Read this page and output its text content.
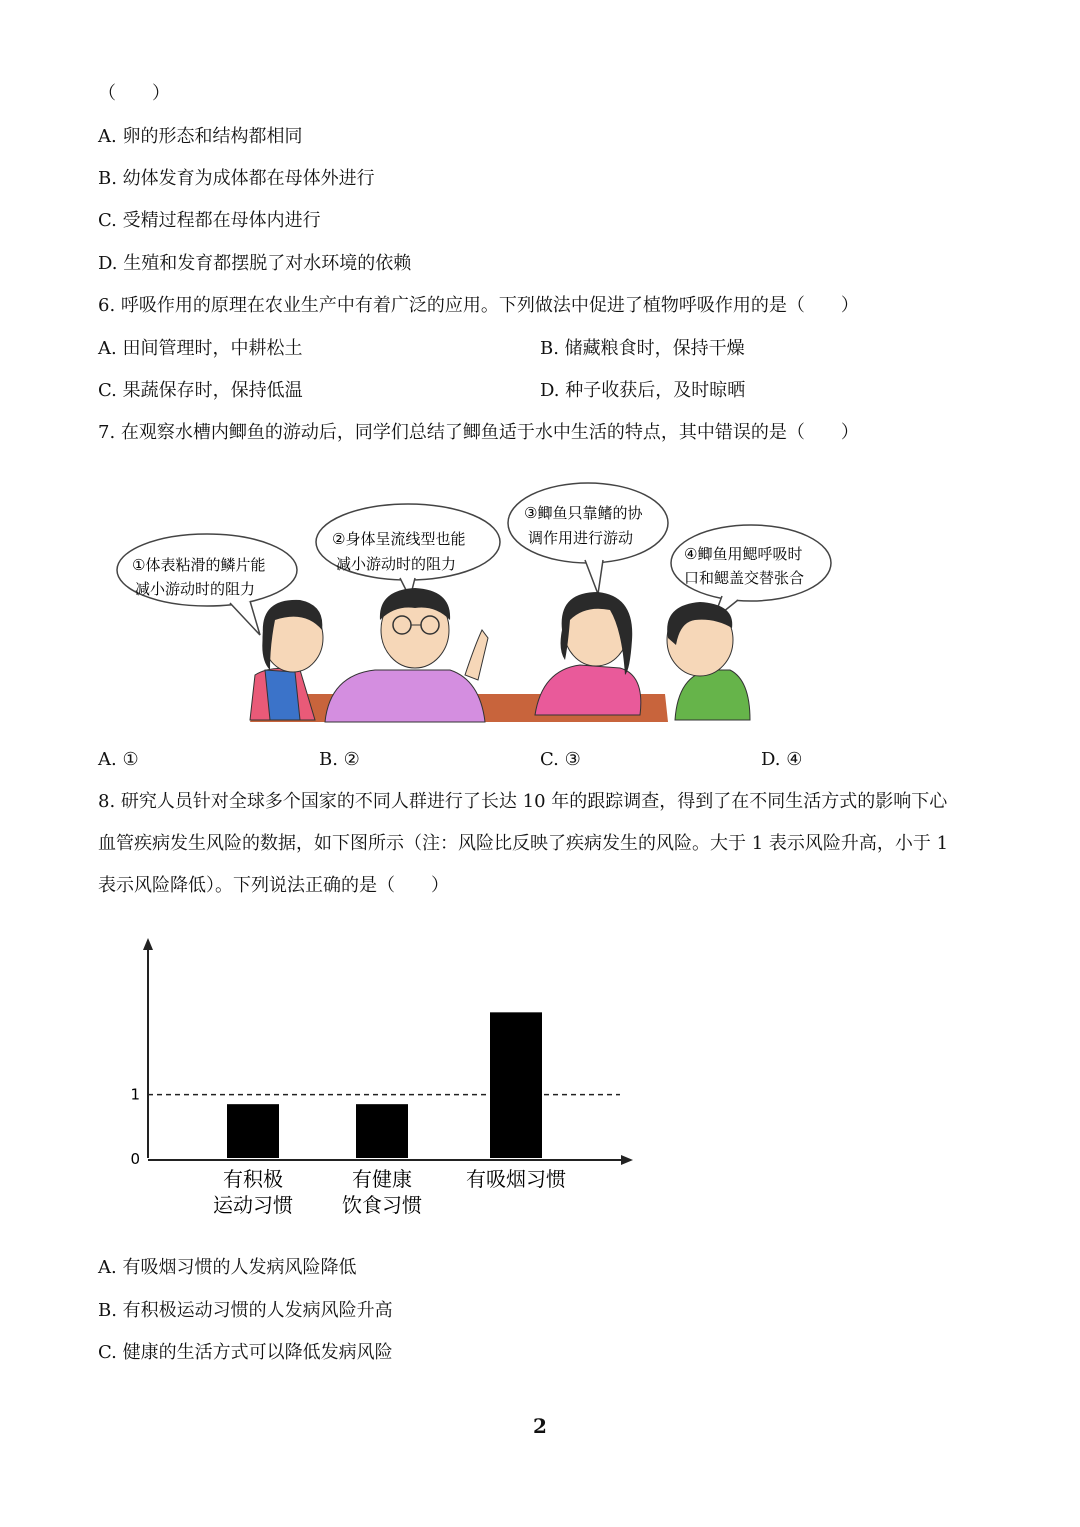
（　　）
A. 卵的形态和结构都相同
B. 幼体发育为成体都在母体外进行
C. 受精过程都在母体内进行
D. 生殖和发育都摆脱了对水环境的依赖
6. 呼吸作用的原理在农业生产中有着广泛的应用。下列做法中促进了植物呼吸作用的是（　　）
A. 田间管理时，中耕松土	B. 储藏粮食时，保持干燥
C. 果蔬保存时，保持低温	D. 种子收获后，及时晾晒
7. 在观察水槽内鲫鱼的游动后，同学们总结了鲫鱼适于水中生活的特点，其中错误的是（　　）
①体表粘滑的鳞片能
减小游动时的阻力
②身体呈流线型也能
减小游动时的阻力
③鲫鱼只靠鳍的协
调作用进行游动
④鲫鱼用鳃呼吸时
口和鳃盖交替张合
A. ①	B. ②	C. ③	D. ④
8. 研究人员针对全球多个国家的不同人群进行了长达 10 年的跟踪调查，得到了在不同生活方式的影响下心
血管疾病发生风险的数据，如下图所示（注：风险比反映了疾病发生的风险。大于 1 表示风险升高，小于 1
表示风险降低）。下列说法正确的是（　　）
0
1
有积极
运动习惯
有健康
饮食习惯
有吸烟习惯
A. 有吸烟习惯的人发病风险降低
B. 有积极运动习惯的人发病风险升高
C. 健康的生活方式可以降低发病风险
2
